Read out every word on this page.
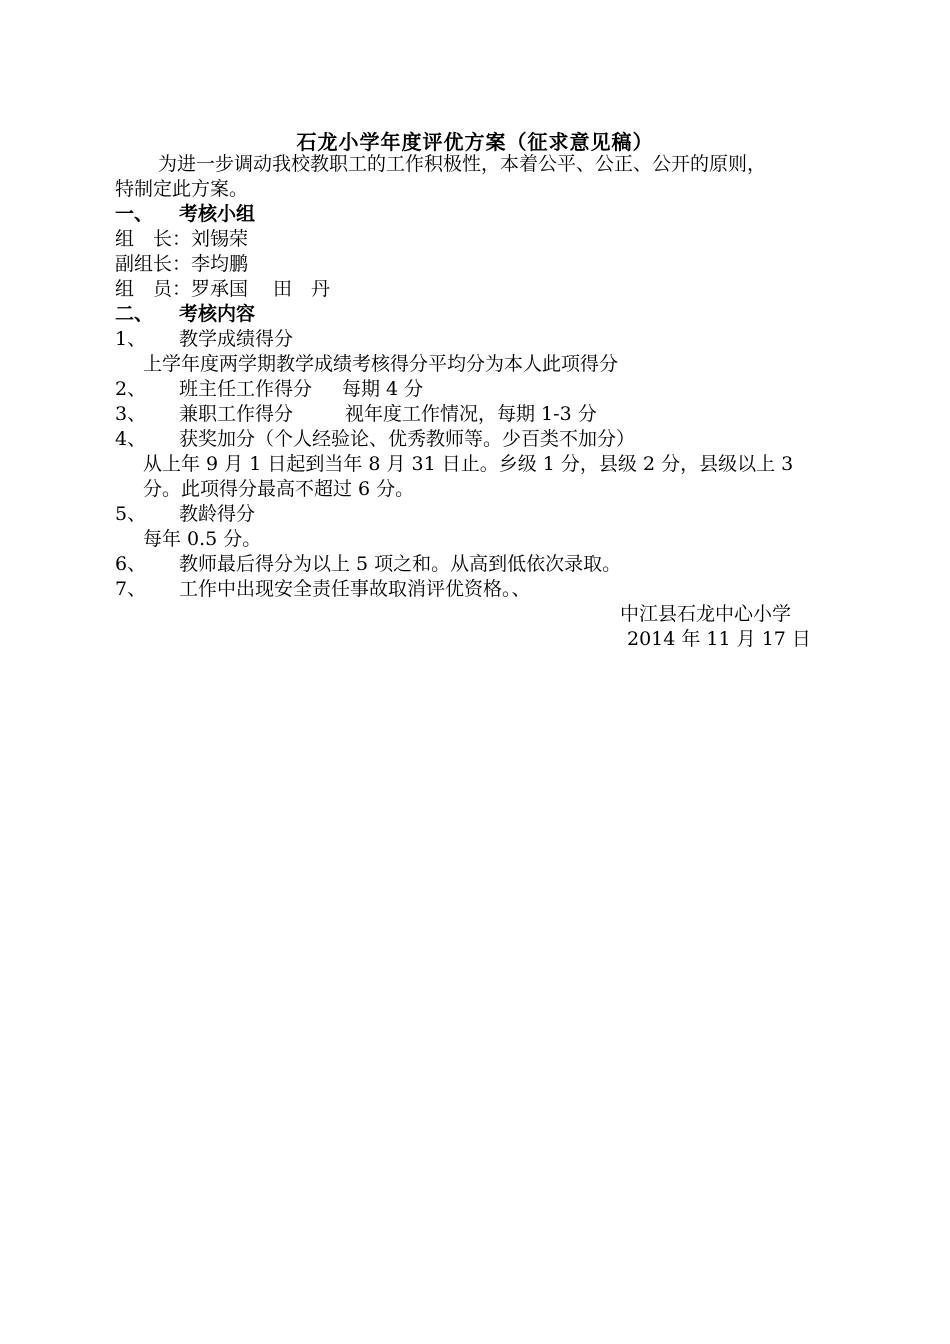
石龙小学年度评优方案（征求意见稿）
为进一步调动我校教职工的工作积极性，本着公平、公正、公开的原则，
特制定此方案。
一、 考核小组
组　长：刘锡荣
副组长：李均鹏
组　员：罗承国　 田　丹
二、 考核内容
1、 教学成绩得分
上学年度两学期教学成绩考核得分平均分为本人此项得分
2、 班主任工作得分 每期 4 分
3、 兼职工作得分	视年度工作情况，每期 1-3 分
4、 获奖加分（个人经验论、优秀教师等。少百类不加分）
从上年 9 月 1 日起到当年 8 月 31 日止。乡级 1 分，县级 2 分，县级以上 3
分。此项得分最高不超过 6 分。
5、 教龄得分
每年 0.5 分。
6、 教师最后得分为以上 5 项之和。从高到低依次录取。
7、 工作中出现安全责任事故取消评优资格。、
中江县石龙中心小学
2014 年 11 月 17 日
